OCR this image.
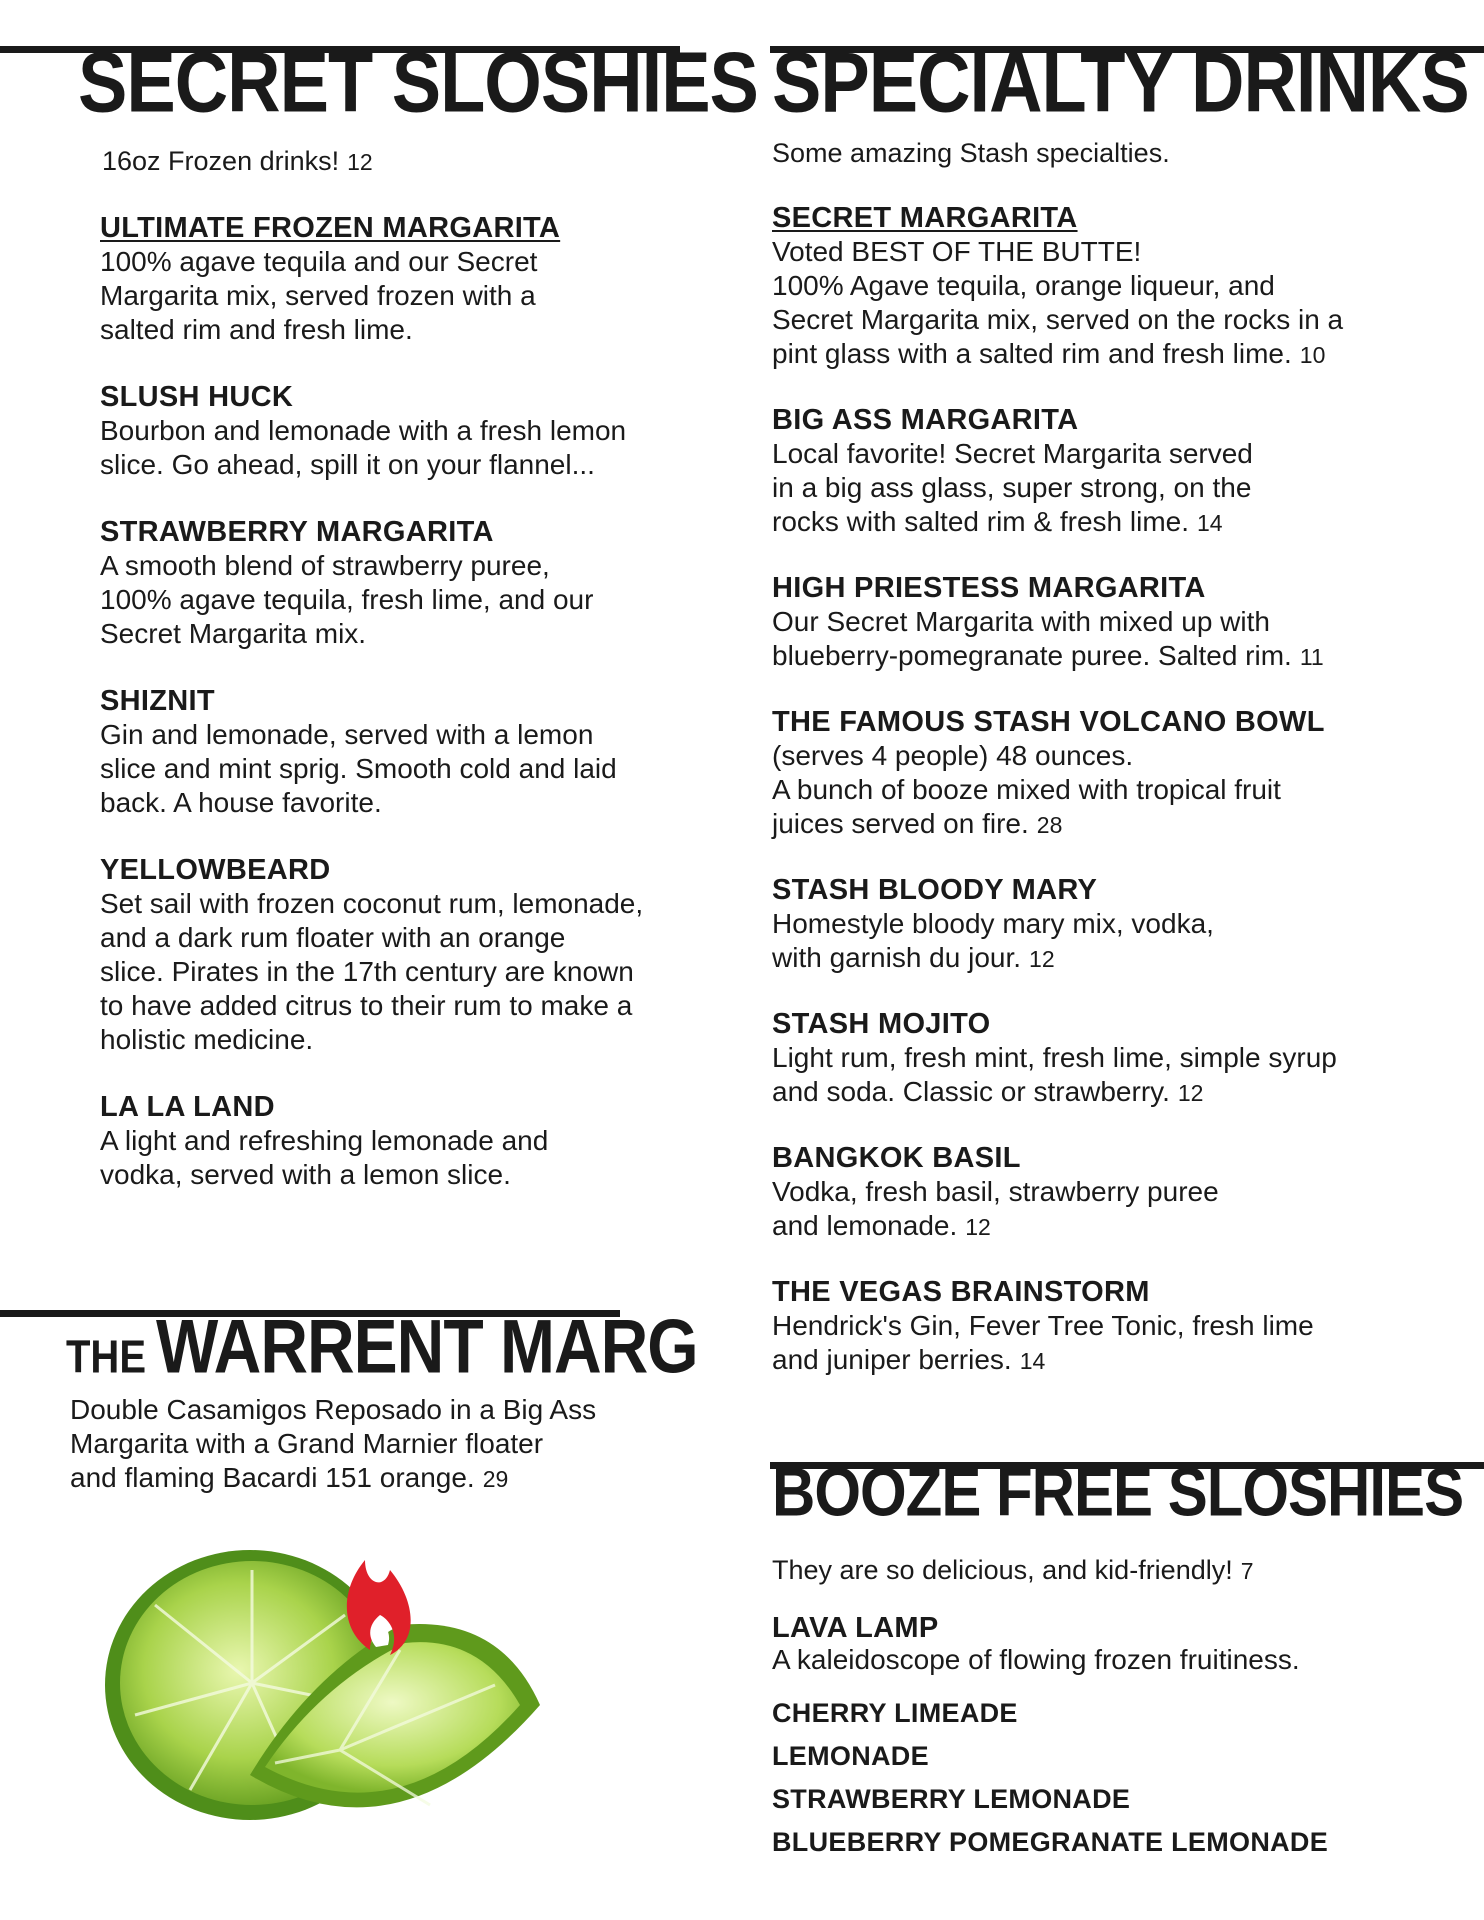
SECRET SLOSHIES

16oz Frozen drinks! 12

ULTIMATE FROZEN MARGARITA

100% agave tequila and our Secret
Margarita mix, served frozen with a
salted rim and fresh lime.

SLUSH HUCK

Bourbon and lemonade with a fresh lemon
slice. Go ahead, spill it on your flannel...

STRAWBERRY MARGARITA

A smooth blend of strawberry puree,
100% agave tequila, fresh lime, and our
Secret Margarita mix.

SHIZNIT

Gin and lemonade, served with a lemon
slice and mint sprig. Smooth cold and laid
back. A house favorite.

YELLOWBEARD

Set sail with frozen coconut rum, lemonade,
and a dark rum floater with an orange
slice. Pirates in the 17th century are known
to have added citrus to their rum to make a
holistic medicine.

LA LA LAND

A light and refreshing lemonade and
vodka, served with a lemon slice.

THE WARRENT MARG

Double Casamigos Reposado in a Big Ass
Margarita with a Grand Marnier floater
and flaming Bacardi 151 orange. 29

SPECIALTY DRINKS

Some amazing Stash specialties.

SECRET MARGARITA

Voted BEST OF THE BUTTE!
100% Agave tequila, orange liqueur, and
Secret Margarita mix, served on the rocks in a
pint glass with a salted rim and fresh lime. 10

BIG ASS MARGARITA

Local favorite! Secret Margarita served
in a big ass glass, super strong, on the
rocks with salted rim & fresh lime. 14

HIGH PRIESTESS MARGARITA

Our Secret Margarita with mixed up with
blueberry-pomegranate puree. Salted rim. 11

THE FAMOUS STASH VOLCANO BOWL

(serves 4 people) 48 ounces.
A bunch of booze mixed with tropical fruit
juices served on fire. 28

STASH BLOODY MARY

Homestyle bloody mary mix, vodka,
with garnish du jour. 12

STASH MOJITO

Light rum, fresh mint, fresh lime, simple syrup
and soda. Classic or strawberry. 12

BANGKOK BASIL

Vodka, fresh basil, strawberry puree
and lemonade. 12

THE VEGAS BRAINSTORM

Hendrick's Gin, Fever Tree Tonic, fresh lime
and juniper berries. 14

BOOZE FREE SLOSHIES

They are so delicious, and kid-friendly! 7

LAVA LAMP

A kaleidoscope of flowing frozen fruitiness.

CHERRY LIMEADE

LEMONADE

STRAWBERRY LEMONADE

BLUEBERRY POMEGRANATE LEMONADE
